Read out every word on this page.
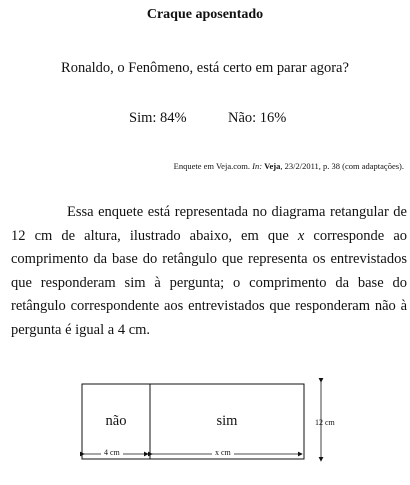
Craque aposentado
Ronaldo, o Fenômeno, está certo em parar agora?
Sim: 84%	Não: 16%
Enquete em Veja.com. In: Veja, 23/2/2011, p. 38 (com adaptações).
Essa enquete está representada no diagrama retangular de 12 cm de altura, ilustrado abaixo, em que x corresponde ao comprimento da base do retângulo que representa os entrevistados que responderam sim à pergunta; o comprimento da base do retângulo correspondente aos entrevistados que responderam não à pergunta é igual a 4 cm.
não	sim
4 cm	x cm
12 cm
